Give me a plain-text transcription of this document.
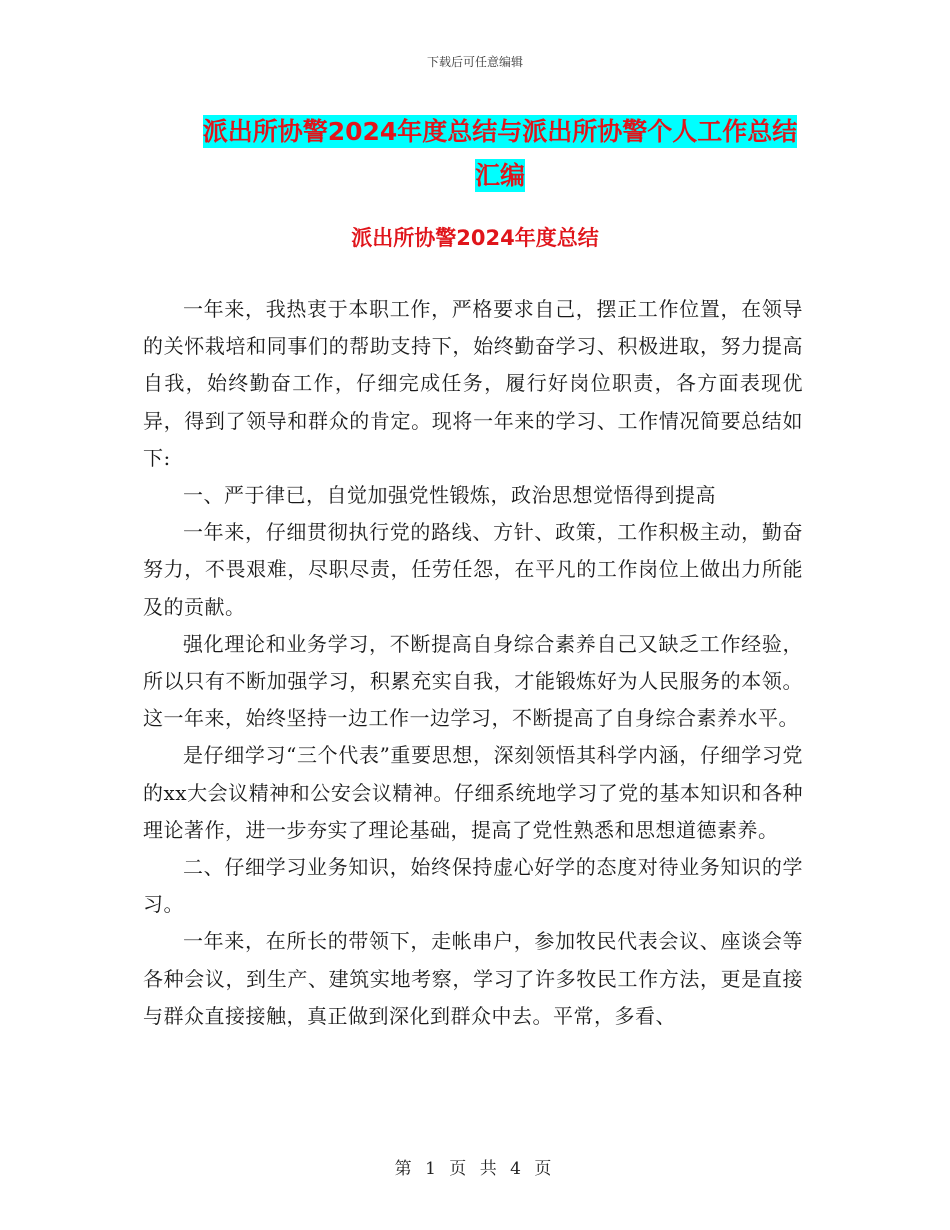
下载后可任意编辑
派出所协警2024年度总结与派出所协警个人工作总结
汇编
派出所协警2024年度总结

一年来，我热衷于本职工作，严格要求自己，摆正工作位置，在领导的关怀栽培和同事们的帮助支持下，始终勤奋学习、积极进取，努力提高自我，始终勤奋工作，仔细完成任务，履行好岗位职责，各方面表现优异，得到了领导和群众的肯定。现将一年来的学习、工作情况简要总结如下:

一、严于律已，自觉加强党性锻炼，政治思想觉悟得到提高

一年来，仔细贯彻执行党的路线、方针、政策，工作积极主动，勤奋努力，不畏艰难，尽职尽责，任劳任怨，在平凡的工作岗位上做出力所能及的贡献。

强化理论和业务学习，不断提高自身综合素养自己又缺乏工作经验，所以只有不断加强学习，积累充实自我，才能锻炼好为人民服务的本领。这一年来，始终坚持一边工作一边学习，不断提高了自身综合素养水平。

是仔细学习“三个代表”重要思想，深刻领悟其科学内涵，仔细学习党的xx大会议精神和公安会议精神。仔细系统地学习了党的基本知识和各种理论著作，进一步夯实了理论基础，提高了党性熟悉和思想道德素养。

二、仔细学习业务知识，始终保持虚心好学的态度对待业务知识的学习。

一年来，在所长的带领下，走帐串户，参加牧民代表会议、座谈会等各种会议，到生产、建筑实地考察，学习了许多牧民工作方法，更是直接与群众直接接触，真正做到深化到群众中去。平常，多看、

第 1 页 共 4 页
